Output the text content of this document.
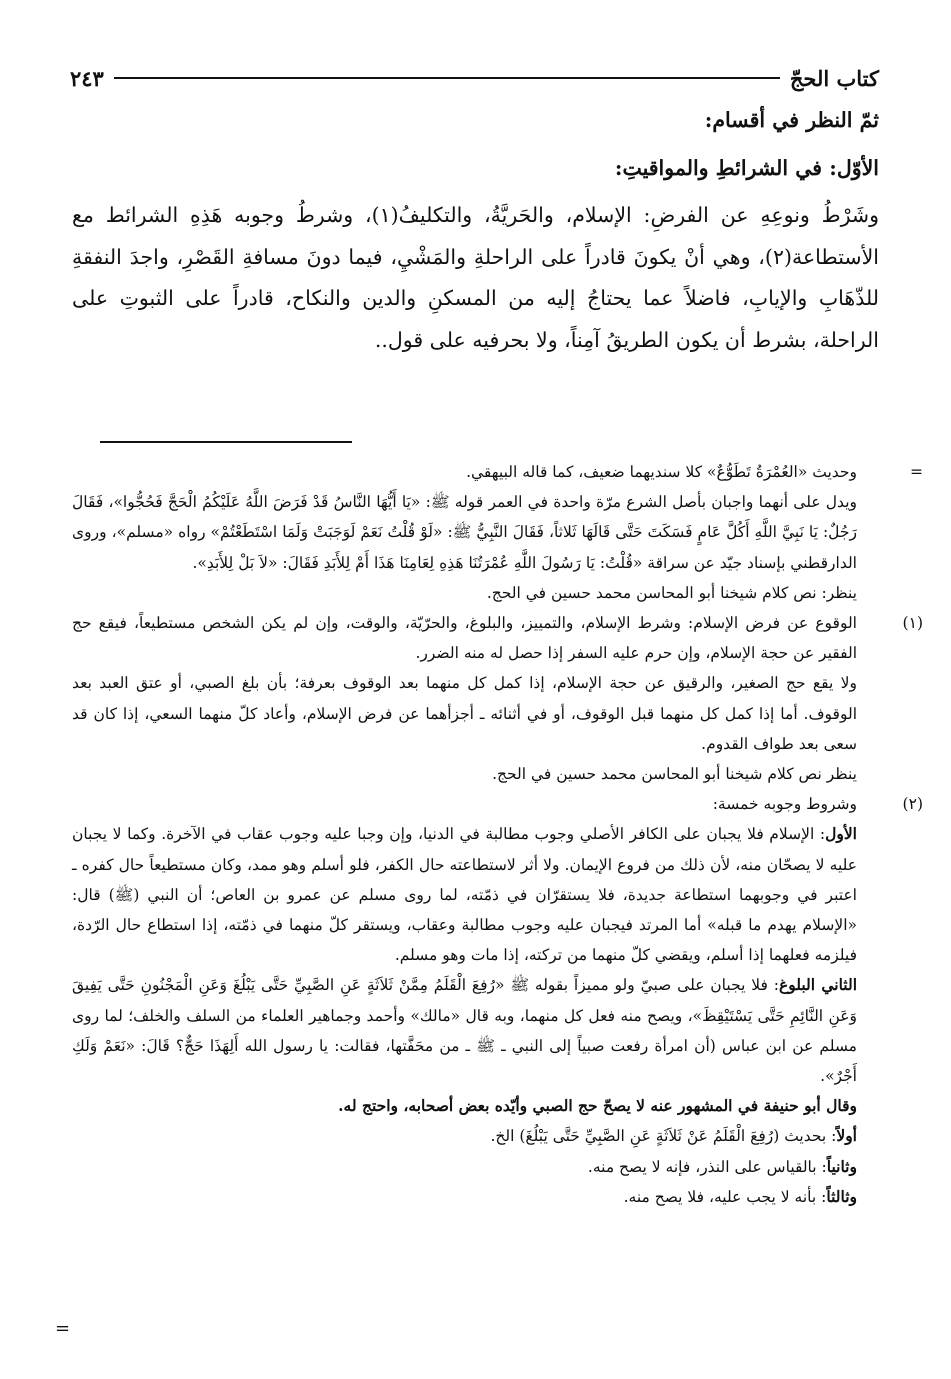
كتاب الحجّ
٢٤٣

ثمّ النظر في أقسام:

الأوّل: في الشرائطِ والمواقيتِ:

وشَرْطُ ونوعِهِ عن الفرضِ: الإسلام، والحَريَّةُ، والتكليفُ(١)، وشرطُ وجوبه هَذِهِ الشرائط مع الأستطاعة(٢)، وهي أنْ يكونَ قادراً على الراحلةِ والمَشْيِ، فيما دونَ مسافةِ القَصْرِ، واجدَ النفقةِ للذّهَابِ والإيابِ، فاضلاً عما يحتاجُ إليه من المسكنِ والدين والنكاح، قادراً على الثبوتِ على الراحلة، بشرط أن يكون الطريقُ آمِناً، ولا بحرفيه على قول..

=
وحديث «العُمْرَةُ تَطَوُّعٌ» كلا سنديهما ضعيف، كما قاله البيهقي.

ويدل على أنهما واجبان بأصل الشرع مرّة واحدة في العمر قوله ﷺ: «يَا أَيُّهَا النَّاسُ قَدْ فَرَضَ اللَّهُ عَلَيْكُمُ الْحَجَّ فَحُجُّوا»، فَقَالَ رَجُلٌ: يَا نَبِيَّ اللَّهِ أَكُلَّ عَامٍ فَسَكَتَ حَتَّى قَالَهَا ثَلاثاً، فَقَالَ النَّبِيُّ ﷺ: «لَوْ قُلْتُ نَعَمْ لَوَجَبَتْ وَلَمَا اسْتَطَعْتُمْ» رواه «مسلم»، وروى الدارقطني بإسناد جيّد عن سراقة «قُلْتُ: يَا رَسُولَ اللَّهِ عُمْرَتُنَا هَذِهِ لِعَامِنَا هَذَا أَمْ لِلأَبَدِ فَقَالَ: «لاَ بَلْ لِلأَبَدِ».

ينظر: نص كلام شيخنا أبو المحاسن محمد حسين في الحج.

(١)
الوقوع عن فرض الإسلام: وشرط الإسلام، والتمييز، والبلوغ، والحرّيّة، والوقت، وإن لم يكن الشخص مستطيعاً، فيقع حج الفقير عن حجة الإسلام، وإن حرم عليه السفر إذا حصل له منه الضرر.

ولا يقع حج الصغير، والرقيق عن حجة الإسلام، إذا كمل كل منهما بعد الوقوف بعرفة؛ بأن بلغ الصبي، أو عتق العبد بعد الوقوف. أما إذا كمل كل منهما قبل الوقوف، أو في أثنائه ـ أجزأهما عن فرض الإسلام، وأعاد كلّ منهما السعي، إذا كان قد سعى بعد طواف القدوم.

ينظر نص كلام شيخنا أبو المحاسن محمد حسين في الحج.

(٢)
وشروط وجوبه خمسة:

الأول: الإسلام فلا يجبان على الكافر الأصلي وجوب مطالبة في الدنيا، وإن وجبا عليه وجوب عقاب في الآخرة. وكما لا يجبان عليه لا يصحّان منه، لأن ذلك من فروع الإيمان. ولا أثر لاستطاعته حال الكفر، فلو أسلم وهو ممد، وكان مستطيعاً حال كفره ـ اعتبر في وجوبهما استطاعة جديدة، فلا يستقرّان في ذمّته، لما روى مسلم عن عمرو بن العاص؛ أن النبي (ﷺ) قال: «الإسلام يهدم ما قبله» أما المرتد فيجبان عليه وجوب مطالبة وعقاب، ويستقر كلّ منهما في ذمّته، إذا استطاع حال الرّدة، فيلزمه فعلهما إذا أسلم، ويقضي كلّ منهما من تركته، إذا مات وهو مسلم.

الثاني البلوغ: فلا يجبان على صبيّ ولو مميزاً بقوله ﷺ «رُفِعَ الْقَلَمُ مِمَّنْ ثَلاَثَةٍ عَنِ الصَّبِيِّ حَتَّى يَبْلُغَ وَعَنِ الْمَجْنُونِ حَتَّى يَفِيقَ وَعَنِ النَّائِمِ حَتَّى يَسْتَيْقِظَ»، ويصح منه فعل كل منهما، وبه قال «مالك» وأحمد وجماهير العلماء من السلف والخلف؛ لما روى مسلم عن ابن عباس (أن امرأة رفعت صبياً إلى النبي ـ ﷺ ـ من محَفَّتها، فقالت: يا رسول الله أَلِهَذَا حَجٌّ؟ قَالَ: «نَعَمْ وَلَكِ أَجْرٌ».

وقال أبو حنيفة في المشهور عنه لا يصحّ حج الصبي وأيّده بعض أصحابه، واحتج له.

أولاً: بحديث (رُفِعَ الْقَلَمُ عَنْ ثَلاَثَةٍ عَنِ الصَّبِيِّ حَتَّى يَبْلُغَ) الخ.

وثانياً: بالقياس على النذر، فإنه لا يصح منه.

وثالثاً: بأنه لا يجب عليه، فلا يصح منه.

=
